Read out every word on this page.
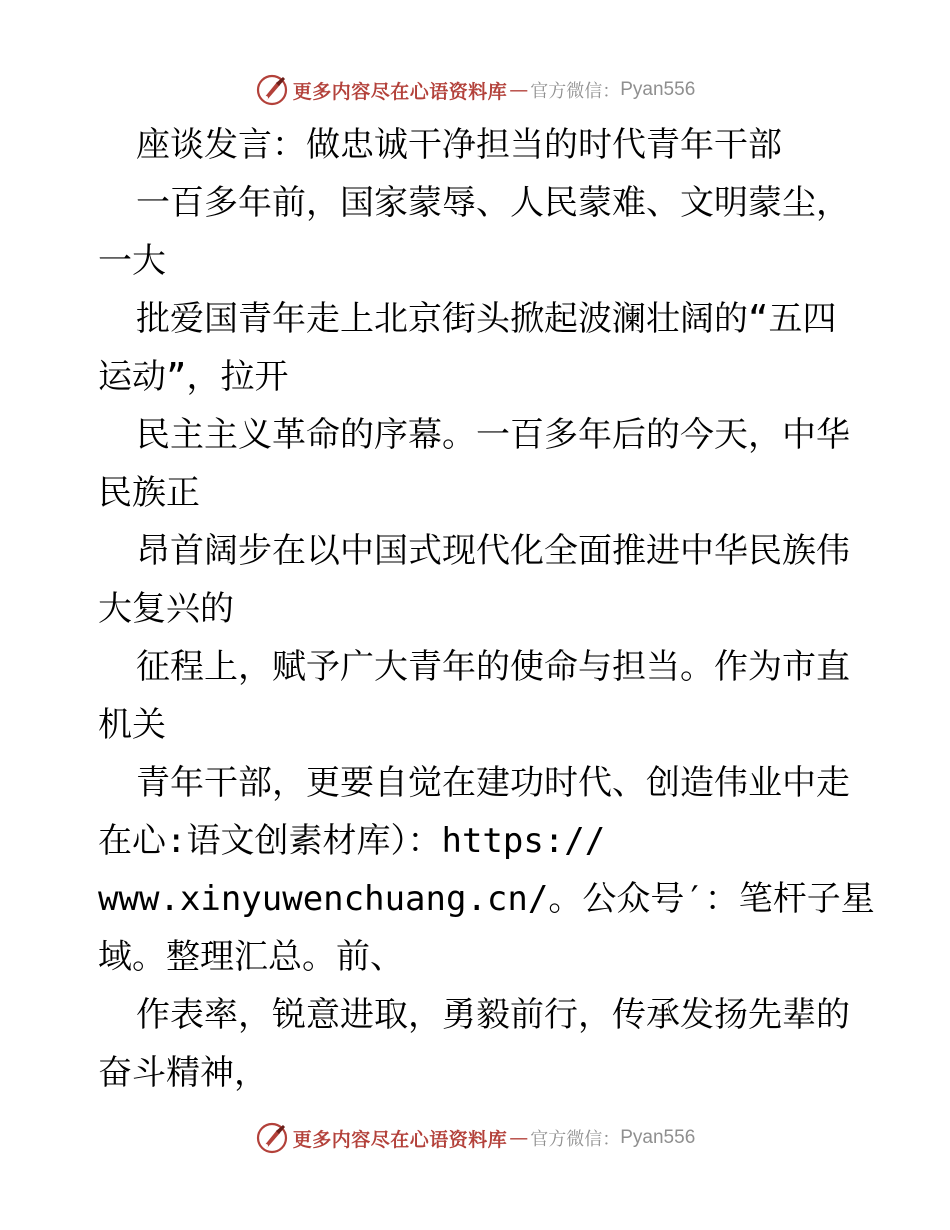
更多内容尽在心语资料库 — 官方微信： Pyan556
座谈发言：做忠诚干净担当的时代青年干部
一百多年前，国家蒙辱、人民蒙难、文明蒙尘，
一大
批爱国青年走上北京街头掀起波澜壮阔的“五四
运动”，拉开
民主主义革命的序幕。一百多年后的今天，中华
民族正
昂首阔步在以中国式现代化全面推进中华民族伟
大复兴的
征程上，赋予广大青年的使命与担当。作为市直
机关
青年干部，更要自觉在建功时代、创造伟业中走
在心:语文创素材库）：https://
www.xinyuwenchuang.cn/。公众号′：笔杆子星
域。整理汇总。前、
作表率，锐意进取，勇毅前行，传承发扬先辈的
奋斗精神，
更多内容尽在心语资料库 — 官方微信： Pyan556
